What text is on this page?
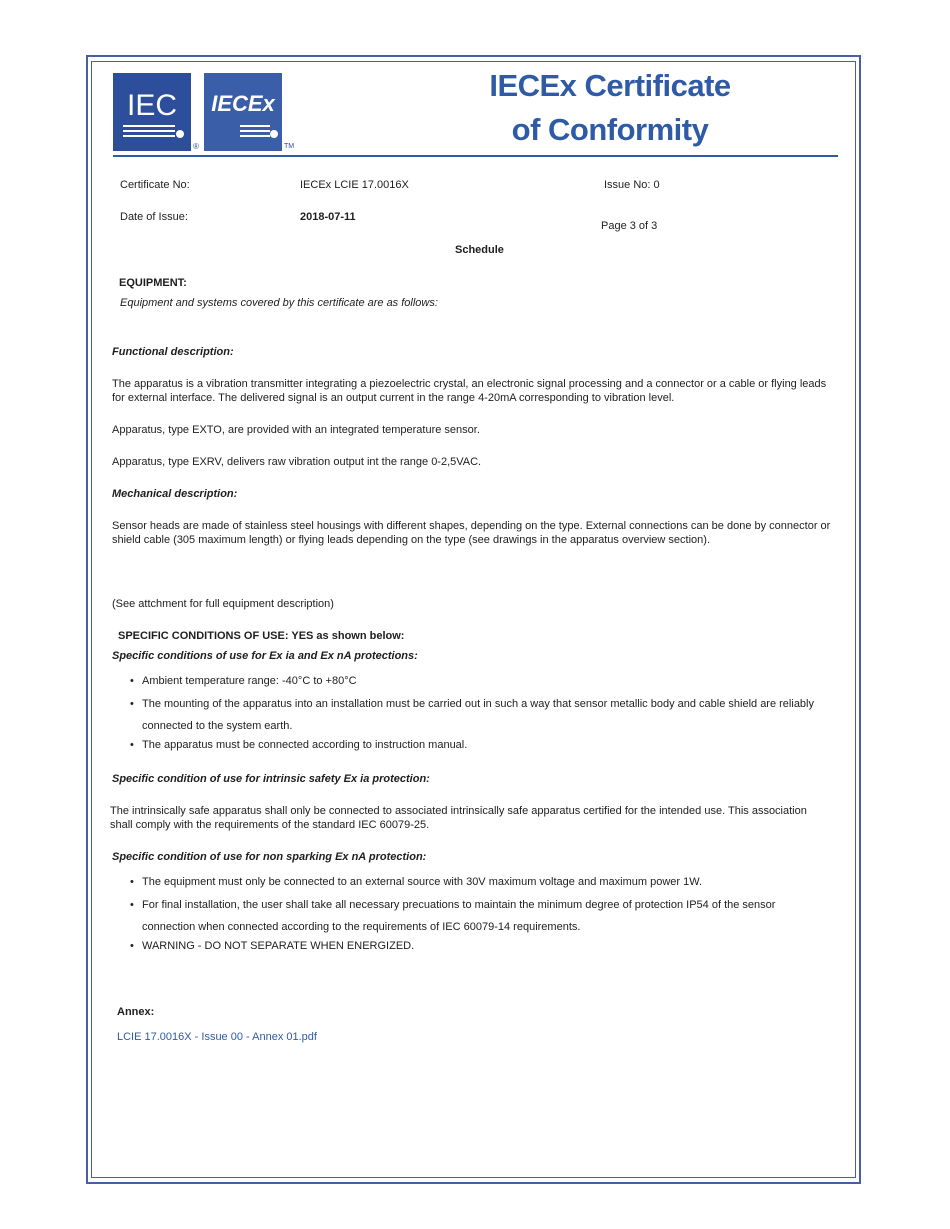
IEC
®
IECEx
TM
IECEx Certificate
of Conformity
Certificate No:	IECEx LCIE 17.0016X	Issue No: 0
Date of Issue:	2018-07-11
Page 3 of 3
Schedule
EQUIPMENT:
Equipment and systems covered by this certificate are as follows:
Functional description:
The apparatus is a vibration transmitter integrating a piezoelectric crystal, an electronic signal processing and a connector or a cable or flying leads for external interface. The delivered signal is an output current in the range 4-20mA corresponding to vibration level.
Apparatus, type EXTO, are provided with an integrated temperature sensor.
Apparatus, type EXRV, delivers raw vibration output int the range 0-2,5VAC.
Mechanical description:
Sensor heads are made of stainless steel housings with different shapes, depending on the type. External connections can be done by connector or shield cable (305 maximum length) or flying leads depending on the type (see drawings in the apparatus overview section).
(See attchment for full equipment description)
SPECIFIC CONDITIONS OF USE: YES as shown below:
Specific conditions of use for Ex ia and Ex nA protections:
• Ambient temperature range: -40°C to +80°C
• The mounting of the apparatus into an installation must be carried out in such a way that sensor metallic body and cable shield are reliably connected to the system earth.
• The apparatus must be connected according to instruction manual.
Specific condition of use for intrinsic safety Ex ia protection:
The intrinsically safe apparatus shall only be connected to associated intrinsically safe apparatus certified for the intended use. This association shall comply with the requirements of the standard IEC 60079-25.
Specific condition of use for non sparking Ex nA protection:
• The equipment must only be connected to an external source with 30V maximum voltage and maximum power 1W.
• For final installation, the user shall take all necessary precuations to maintain the minimum degree of protection IP54 of the sensor connection when connected according to the requirements of IEC 60079-14 requirements.
• WARNING - DO NOT SEPARATE WHEN ENERGIZED.
Annex:
LCIE 17.0016X - Issue 00 - Annex 01.pdf
